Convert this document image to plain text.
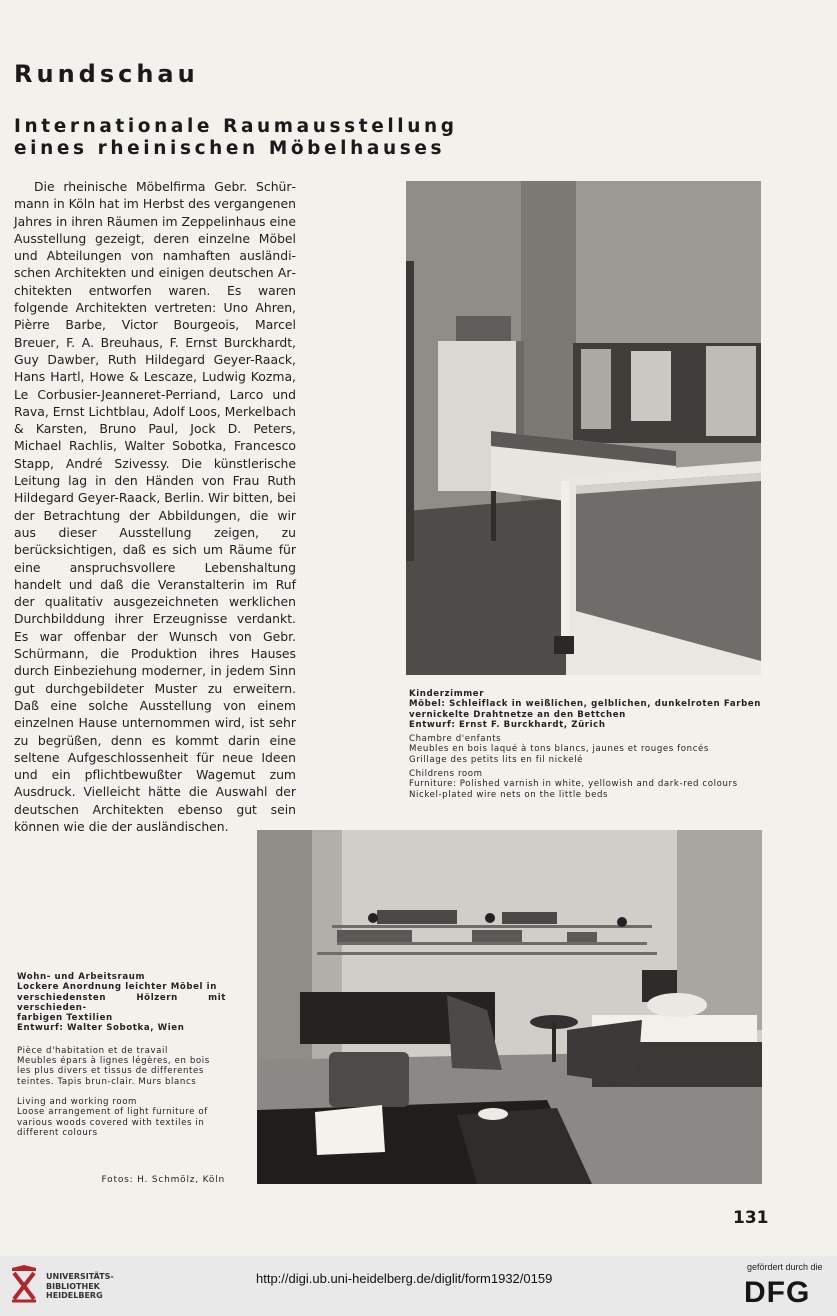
Rundschau
Internationale Raumausstellung
eines rheinischen Möbelhauses

Die rheinische Möbelfirma Gebr. Schürmann in Köln hat im Herbst des vergangenen Jahres in ihren Räumen im Zeppelinhaus eine Ausstellung gezeigt, deren einzelne Möbel und Abteilungen von namhaften ausländischen Architekten und einigen deutschen Architekten entworfen waren. Es waren folgende Architekten vertreten: Uno Ahren, Pièrre Barbe, Victor Bourgeois, Marcel Breuer, F. A. Breuhaus, F. Ernst Burckhardt, Guy Dawber, Ruth Hildegard Geyer-Raack, Hans Hartl, Howe & Lescaze, Ludwig Kozma, Le Corbusier-Jeanneret-Perriand, Larco und Rava, Ernst Lichtblau, Adolf Loos, Merkelbach & Karsten, Bruno Paul, Jock D. Peters, Michael Rachlis, Walter Sobotka, Francesco Stapp, André Szivessy. Die künstlerische Leitung lag in den Händen von Frau Ruth Hildegard Geyer-Raack, Berlin. Wir bitten, bei der Betrachtung der Abbildungen, die wir aus dieser Ausstellung zeigen, zu berücksichtigen, daß es sich um Räume für eine anspruchsvollere Lebenshaltung handelt und daß die Veranstalterin im Ruf der qualitativ ausgezeichneten werklichen Durchbilddung ihrer Erzeugnisse verdankt. Es war offenbar der Wunsch von Gebr. Schürmann, die Produktion ihres Hauses durch Einbeziehung moderner, in jedem Sinn gut durchgebildeter Muster zu erweitern. Daß eine solche Ausstellung von einem einzelnen Hause unternommen wird, ist sehr zu begrüßen, denn es kommt darin eine seltene Aufgeschlossenheit für neue Ideen und ein pflichtbewußter Wagemut zum Ausdruck. Vielleicht hätte die Auswahl der deutschen Architekten ebenso gut sein können wie die der ausländischen.

Kinderzimmer
Möbel: Schleiflack in weißlichen, gelblichen, dunkelroten Farben
vernickelte Drahtnetze an den Bettchen
Entwurf: Ernst F. Burckhardt, Zürich
Chambre d'enfants
Meubles en bois laqué à tons blancs, jaunes et rouges foncés
Grillage des petits lits en fil nickelé
Childrens room
Furniture: Polished varnish in white, yellowish and dark-red colours
Nickel-plated wire nets on the little beds
Wohn- und Arbeitsraum
Lockere Anordnung leichter Möbel in
verschiedensten Hölzern mit verschieden-
farbigen Textilien
Entwurf: Walter Sobotka, Wien
Pièce d'habitation et de travail
Meubles épars à lignes légères, en bois
les plus divers et tissus de differentes
teintes. Tapis brun-clair. Murs blancs
Living and working room
Loose arrangement of light furniture of
various woods covered with textiles in
different colours
Fotos: H. Schmölz, Köln
131
UNIVERSITÄTS-
BIBLIOTHEK
HEIDELBERG
http://digi.ub.uni-heidelberg.de/diglit/form1932/0159
gefördert durch die
DFG
